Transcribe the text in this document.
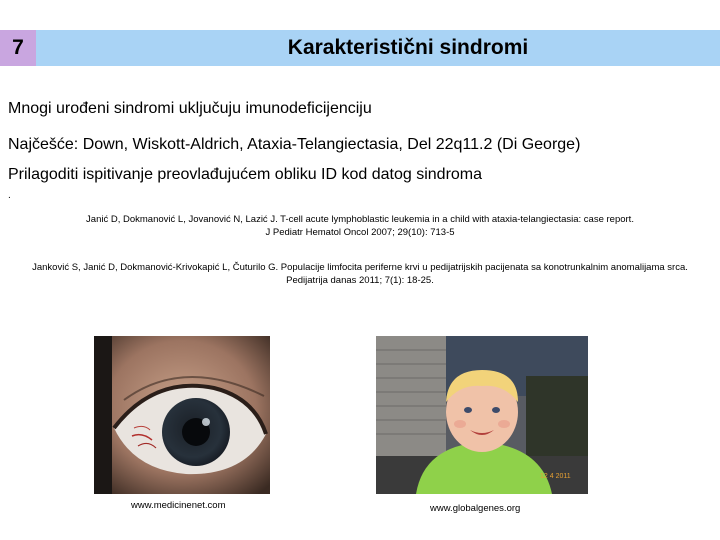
7	Karakteristični sindromi
Mnogi urođeni sindromi uključuju imunodeficijenciju
Najčešće: Down, Wiskott-Aldrich, Ataxia-Telangiectasia, Del 22q11.2 (Di George)
Prilagoditi ispitivanje preovlađujućem obliku ID kod datog sindroma
.
Janić D, Dokmanović L, Jovanović N, Lazić J. T-cell acute lymphoblastic leukemia in a child with ataxia-telangiectasia: case report.
J Pediatr Hematol Oncol 2007; 29(10): 713-5
Janković S, Janić D, Dokmanović-Krivokapić L, Čuturilo G. Populacije limfocita periferne krvi u pedijatrijskih pacijenata sa konotrunkalnim anomalijama srca.
Pedijatrija danas 2011; 7(1): 18-25.
12 4 2011
www.medicinenet.com	www.globalgenes.org
